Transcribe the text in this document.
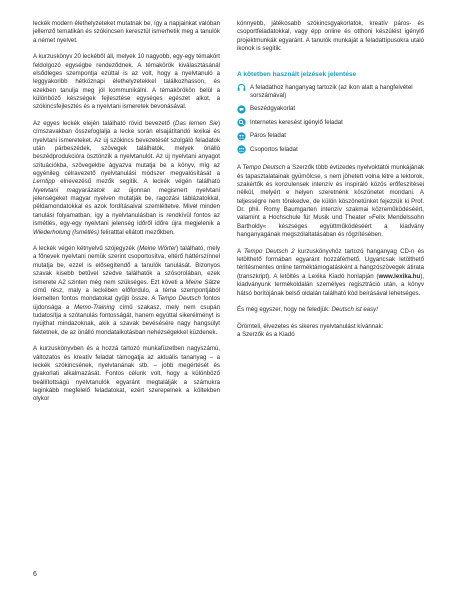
leckék modern élethelyzeteket mutatnak be, így a napjainkat valóban jellemző tematikán és szókincsen keresztül ismerhetik meg a tanulók a német nyelvet.

A kurzuskönyv 20 leckéből áll, melyek 10 nagyobb, egy-egy témakört feldolgozó egységbe rendeződnek. A témakörök kiválasztásánál elsődleges szempontja ezúttal is az volt, hogy a nyelvtanuló a leggyakoribb hétköznapi élethelyzetekkel találkozhasson, és ezekben tanulja meg jól kommunikálni. A témakörökön belül a különböző készségek fejlesztése egyséqes egészet alkot, a szókincsfejlesztés és a nyelvtani ismeretek bevonásával.

Az egyes leckék elején található rövid bevezető (Das lernen Sie) címszavakban összefoglalja a lecke során elsajátítandó lexikai és nyelvtani ismereteket. Az új szókincs bevezetését szolgáló feladatok után párbeszédek, szövegek találhatók, melyek önálló beszédprodukcióra ösztönzik a nyelvtanulót. Az új nyelvtani anyagot szituációkba, szövegekbe ágyazva mutatja be a könyv, míg az egyénileg célravezető nyelvtanulási módszer megvalósítását a Lerntipp elnevezésű mezők segítik. A leckék végén található Nyelvtani magyarázatok az újonnan megismert nyelvtani jelenségeket magyar nyelven mutatják be, ragozási táblázatokkal, példamondatokkal és azok fordításaival szemléltetve. Mivel minden tanulási folyamatban, így a nyelvtanulásban is rendkívül fontos az ismétlés, egy-egy nyelvtani jelenség időről időre újra megjelenik a Wiederholung (Ismétlés) feliratttal ellátott mezőkben.

A leckék végén kétnyelvű szójegyzék (Meine Wörter) található, mely a főnevek nyelvtani nemük szerint csoportosítva, eltérő háttérszínnel mutatja be, ezzel is elősegítendő a tanulók tanulását. Bizonyos szavak kisebb betűvel szedve találhatók a szósorolában, ezek ismerete A2 szinten még nem szükséges. Ezt követi a Meine Sätze című rész, maly a leckében előfordulo, a téma szempontjából kiemelten fontos mondatokat gyűjti össze. A Tempo Deutsch fontos újdonsága a Memo-Training című szakasz, mely nem csupán tudatosítja a szótanulás fontosságát, hanem egyúttal sikerélményt is nyújthat mindazoknak, akik a szavak bevésésére nagy hangsúlyt fektetnek, de az önálló mondatalkotásban nehézségekkel küzdenek.

A kurzuskönyvben és a hozzá tartozó munkafüzetben nagyszámú, változatos és kreatív feladat támogatja az aktuális tananyag – a leckék szókincsének, nyelvtanának stb. – jobb megértését és gyakorlati alkalmazását. Fontos célunk volt, hogy a különböző beállítottságú nyelvtanulók egyaránt megtalálják a számukra leginkább megfelelő feladatokat, ezért szerepelnek a költekben olykor

könnyebb, játékosabb szókincsgyakorlatok, kreatív páros- és csoportfeladatokkal, vagy épp online és otthoni készülést igénylő projektmunkák egyaránt. A tanulók munkáját a feladattípusokra utaló ikonok is segítik:

A kötetben használt jelzések jelentése
A feladathoz hanganyag tartozik (az ikon alatt a hangfelvétel sorszámával)
Beszédgyakorlat
Internetes keresést igénylő feladat
Páros feladat
Csoportos feladat

A Tempo Deutsch a Szerzők több évtizedes nyelvoktatói munkájának és tapasztalatainak gyümölcse, s nem jöhetett volna létre a lektorok, szakértők és konzulensek intenzív és inspiráló közös erőfeszítései nélkül, melyért e helyen szeretnénk köszönetet mondani. A teljességre nem törekedve, de külön köszönetünket fejezzük ki Prof. Dr. phil. Romy Baumgarten intenzív szakmai közreműködéséért, valamint a Hochschule für Musik und Theater »Felix Mendelssohn Bartholdy« készséges együttműködéséért a kiadvány hanganyagának megszólaltatásában és rögzítésében.

A Tempo Deutsch 2 kurzuskönyvhöz tartozó hanganyag CD-n és letölthető formában egyaránt hozzáférhető. Ugyancsak letölthető térítésmentes online terméktámogatásként a hangzószövegek átirata (transzkript). A letöltés a Lexika Kiadó honlapján (www.lexika.hu), kiadványunk termékoldalán személyes regisztráció után, a könyv hátsó borítójának belső oldalán található kód beírásával lehetséges.

És még egyszer, hogy ne feledjük: Deutsch ist easy!

Örömteli, élvezetes és sikeres nyelvtanulást kívánnak:

a Szerzők és a Kiadó

6
